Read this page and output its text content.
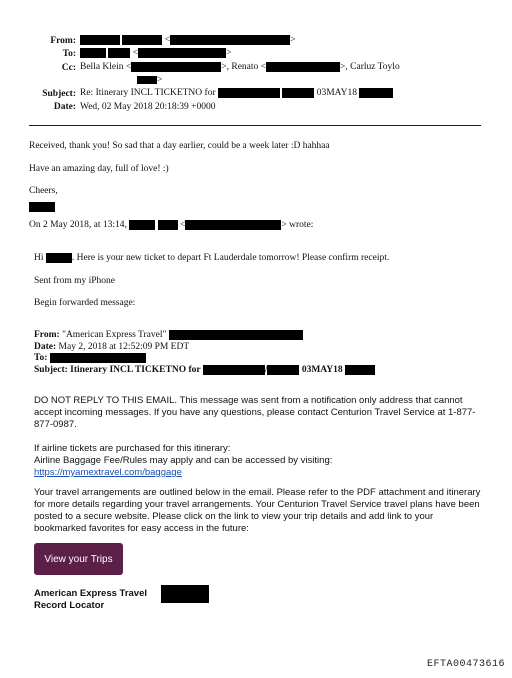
From:	<	>
To:	<	>
Cc: Bella Klein <	>, Renato <	>, Carluz Toylo
>
Subject: Re: Itinerary INCL TICKETNO for	03MAY18
Date: Wed, 02 May 2018 20:18:39 +0000
Received, thank you! So sad that a day earlier, could be a week later :D hahhaa
Have an amazing day, full of love! :)
Cheers,
On 2 May 2018, at 13:14,	<	> wrote:
Hi	. Here is your new ticket to depart Ft Lauderdale tomorrow! Please confirm receipt.
Sent from my iPhone
Begin forwarded message:
From: "American Express Travel"
Date: May 2, 2018 at 12:52:09 PM EDT
To:
Subject: Itinerary INCL TICKETNO for	/	03MAY18
DO NOT REPLY TO THIS EMAIL. This message was sent from a notification only address that cannot accept incoming messages. If you have any questions, please contact Centurion Travel Service at 1-877-877-0987.
If airline tickets are purchased for this itinerary:
Airline Baggage Fee/Rules may apply and can be accessed by visiting:
https://myamextravel.com/baggage
Your travel arrangements are outlined below in the email. Please refer to the PDF attachment and itinerary for more details regarding your travel arrangements. Your Centurion Travel Service travel plans have been posted to a secure website. Please click on the link to view your trip details and add link to your bookmarked favorites for easy access in the future:
View your Trips
American Express Travel
Record Locator
EFTA00473616
